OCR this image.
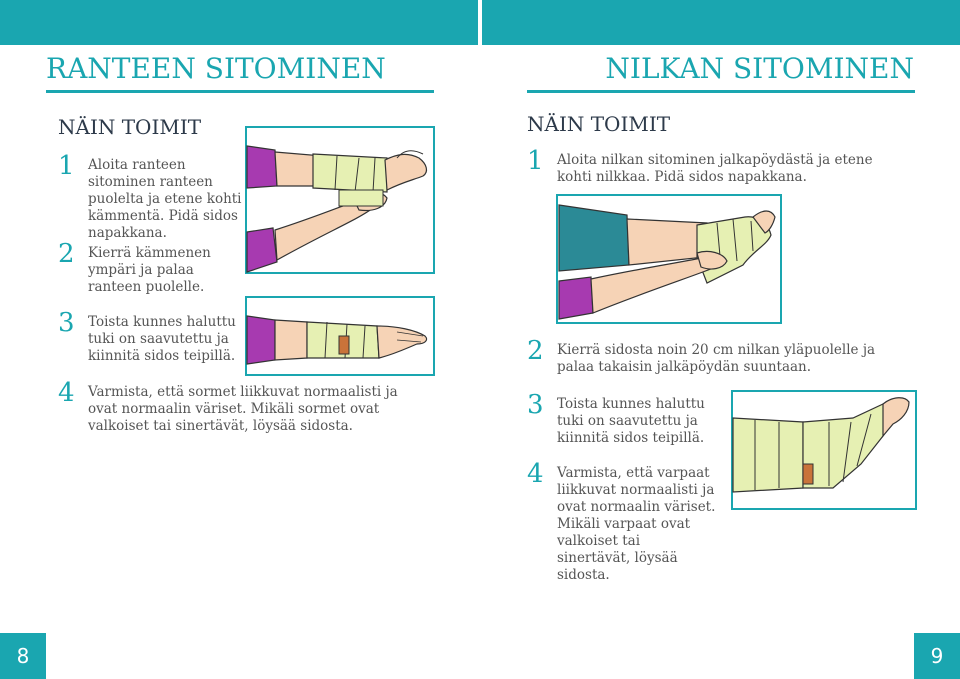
RANTEEN SITOMINEN
NÄIN TOIMIT
1 Aloita ranteen sitominen ranteen puolelta ja etene kohti kämmentä. Pidä sidos napakkana.
2 Kierrä kämmenen ympäri ja palaa ranteen puolelle.
3 Toista kunnes haluttu tuki on saavutettu ja kiinnitä sidos teipillä.
4 Varmista, että sormet liikkuvat normaalisti ja ovat normaalin väriset. Mikäli sormet ovat valkoiset tai sinertävät, löysää sidosta.
8
NILKAN SITOMINEN
NÄIN TOIMIT
1 Aloita nilkan sitominen jalkapöydästä ja etene kohti nilkkaa. Pidä sidos napakkana.
2 Kierrä sidosta noin 20 cm nilkan yläpuolelle ja palaa takaisin jalkäpöydän suuntaan.
3 Toista kunnes haluttu tuki on saavutettu ja kiinnitä sidos teipillä.
4 Varmista, että varpaat liikkuvat normaalisti ja ovat normaalin väriset. Mikäli varpaat ovat valkoiset tai sinertävät, löysää sidosta.
9
